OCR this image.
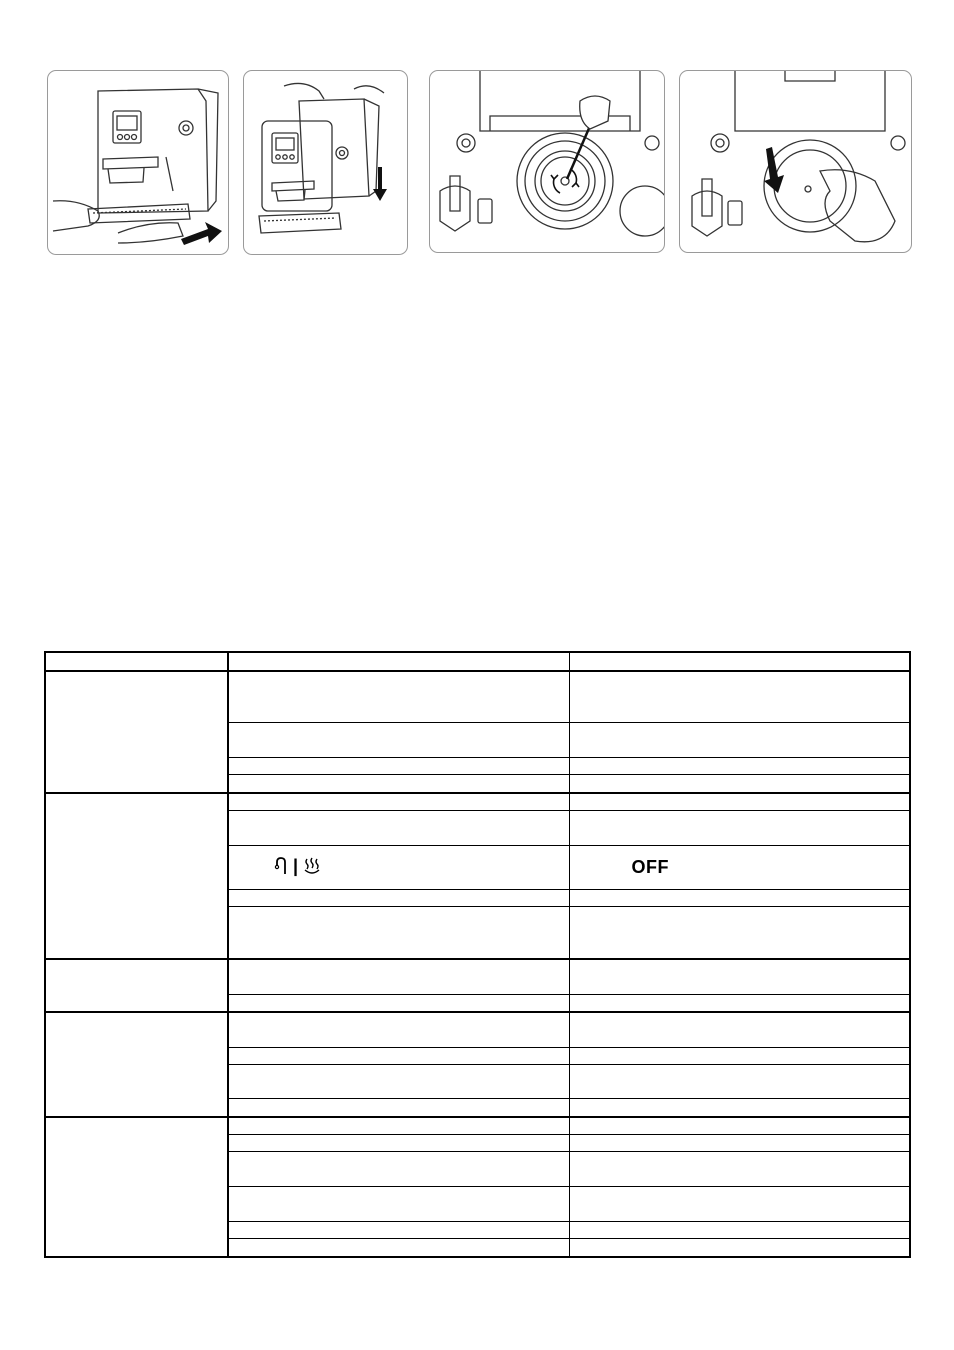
	|	OFF
